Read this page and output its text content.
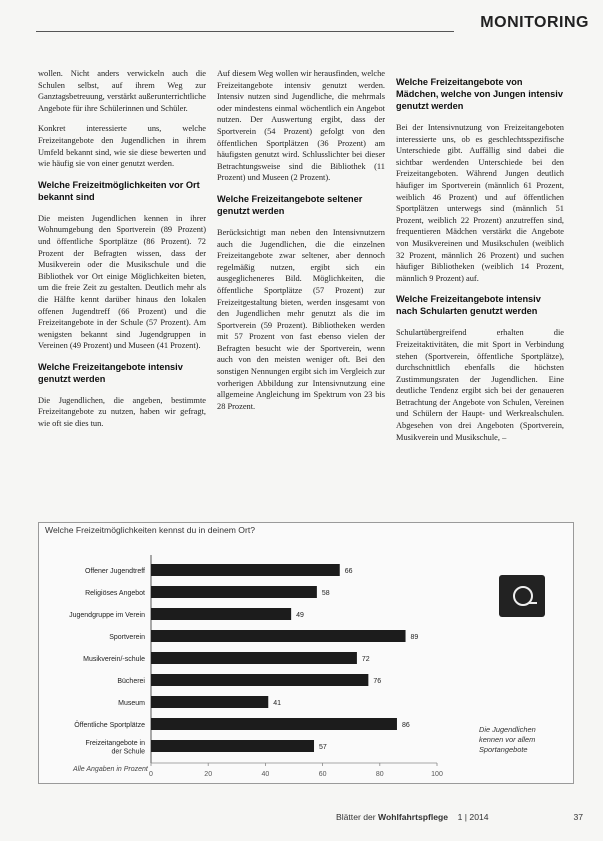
MONITORING

wollen. Nicht anders verwickeln auch die Schulen selbst, auf ihrem Weg zur Ganztagsbetreuung, verstärkt außerunterrichtliche Angebote für ihre Schülerinnen und Schüler.

Konkret interessierte uns, welche Freizeitangebote den Jugendlichen in ihrem Umfeld bekannt sind, wie sie diese bewerten und wie häufig sie von einer genutzt werden.

Welche Freizeitmöglichkeiten vor Ort bekannt sind

Die meisten Jugendlichen kennen in ihrer Wohnumgebung den Sportverein (89 Prozent) und öffentliche Sportplätze (86 Prozent). 72 Prozent der Befragten wissen, dass der Musikverein oder die Musikschule und die Bibliothek vor Ort einige Möglichkeiten bieten, um die freie Zeit zu gestalten. Deutlich mehr als die Hälfte kennt darüber hinaus den lokalen offenen Jugendtreff (66 Prozent) und die Freizeitangebote in der Schule (57 Prozent). Am wenigsten bekannt sind Jugendgruppen in Vereinen (49 Prozent) und Museen (41 Prozent).

Welche Freizeitangebote intensiv genutzt werden

Die Jugendlichen, die angeben, bestimmte Freizeitangebote zu nutzen, haben wir gefragt, wie oft sie dies tun.

Auf diesem Weg wollen wir herausfinden, welche Freizeitangebote intensiv genutzt werden. Intensiv nutzen sind Jugendliche, die mehrmals oder mindestens einmal wöchentlich ein Angebot nutzen. Der Auswertung ergibt, dass der Sportverein (54 Prozent) gefolgt von den öffentlichen Sportplätzen (36 Prozent) am häufigsten genutzt wird. Schlusslichter bei dieser Betrachtungsweise sind die Bibliothek (11 Prozent) und Museen (2 Prozent).

Welche Freizeitangebote seltener genutzt werden

Berücksichtigt man neben den Intensivnutzern auch die Jugendlichen, die die einzelnen Freizeitangebote zwar seltener, aber dennoch regelmäßig nutzen, ergibt sich ein ausgeglicheneres Bild. Möglichkeiten, die öffentliche Sportplätze (57 Prozent) zur Freizeitgestaltung bieten, werden insgesamt von den Jugendlichen mehr genutzt als die im Sportverein (59 Prozent). Bibliotheken werden mit 57 Prozent von fast ebenso vielen der Befragten besucht wie der Sportverein, wenn auch von den meisten weniger oft. Bei den sonstigen Nennungen ergibt sich im Vergleich zur vorherigen Abbildung zur Intensivnutzung eine allgemeine Angleichung im Spektrum von 23 bis 28 Prozent.

Welche Freizeitangebote von Mädchen, welche von Jungen intensiv genutzt werden

Bei der Intensivnutzung von Freizeitangeboten interessierte uns, ob es geschlechtsspezifische Unterschiede gibt. Auffällig sind dabei die sichtbar werdenden Unterschiede bei den Freizeitangeboten. Während Jungen deutlich häufiger im Sportverein (männlich 61 Prozent, weiblich 46 Prozent) und auf öffentlichen Sportplätzen unterwegs sind (männlich 51 Prozent, weiblich 22 Prozent) anzutreffen sind, frequentieren Mädchen verstärkt die Angebote von Musikvereinen und Musikschulen (weiblich 32 Prozent, männlich 26 Prozent) und suchen häufiger Bibliotheken (weiblich 14 Prozent, männlich 9 Prozent) auf.

Welche Freizeitangebote intensiv nach Schularten genutzt werden

Schulartübergreifend erhalten die Freizeitaktivitäten, die mit Sport in Verbindung stehen (Sportverein, öffentliche Sportplätze), durchschnittlich ebenfalls die höchsten Zustimmungsraten der Jugendlichen. Eine deutliche Tendenz ergibt sich bei der genaueren Betrachtung der Angebote von Schulen, Vereinen und Schülern der Haupt- und Werkrealschulen. Abgesehen von drei Angeboten (Sportverein, Musikverein und Musikschule, –

Welche Freizeitmöglichkeiten kennst du in deinem Ort?
0	20	40	60	80	100
Offener Jugendtreff	66
Religiöses Angebot	58
Jugendgruppe im Verein	49
Sportverein	89
Musikverein/-schule	72
Bücherei	76
Museum	41
Öffentliche Sportplätze	86
Freizeitangebote in
der Schule
57
Die Jugendlichen
kennen vor allem
Sportangebote
Alle Angaben in Prozent
Blätter der Wohlfahrtspflege 1 | 2014	37
